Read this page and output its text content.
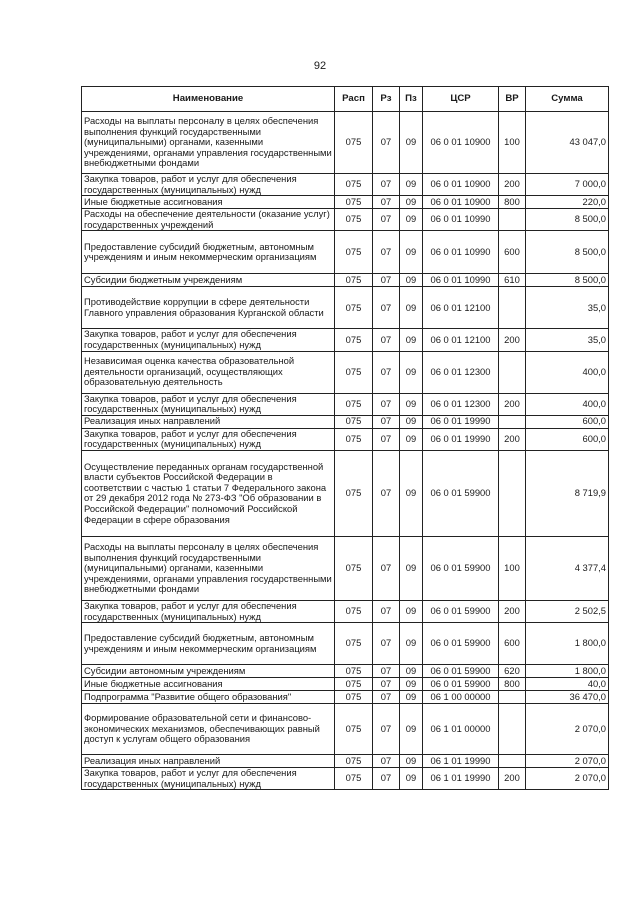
92
Наименование	Расп	Рз	Пз	ЦСР	ВР	Сумма
Расходы на выплаты персоналу в целях обеспечения выполнения функций государственными (муниципальными) органами, казенными учреждениями, органами управления государственными внебюджетными фондами	075	07	09	06 0 01 10900	100	43 047,0
Закупка товаров, работ и услуг для обеспечения государственных (муниципальных) нужд	075	07	09	06 0 01 10900	200	7 000,0
Иные бюджетные ассигнования	075	07	09	06 0 01 10900	800	220,0
Расходы на обеспечение деятельности (оказание услуг) государственных учреждений	075	07	09	06 0 01 10990		8 500,0
Предоставление субсидий бюджетным, автономным учреждениям и иным некоммерческим организациям	075	07	09	06 0 01 10990	600	8 500,0
Субсидии бюджетным учреждениям	075	07	09	06 0 01 10990	610	8 500,0
Противодействие коррупции в сфере деятельности Главного управления образования Курганской области	075	07	09	06 0 01 12100		35,0
Закупка товаров, работ и услуг для обеспечения государственных (муниципальных) нужд	075	07	09	06 0 01 12100	200	35,0
Независимая оценка качества образовательной деятельности организаций, осуществляющих образовательную деятельность	075	07	09	06 0 01 12300		400,0
Закупка товаров, работ и услуг для обеспечения государственных (муниципальных) нужд	075	07	09	06 0 01 12300	200	400,0
Реализация иных направлений	075	07	09	06 0 01 19990		600,0
Закупка товаров, работ и услуг для обеспечения государственных (муниципальных) нужд	075	07	09	06 0 01 19990	200	600,0
Осуществление переданных органам государственной власти субъектов Российской Федерации в соответствии с частью 1 статьи 7 Федерального закона от 29 декабря 2012 года № 273-ФЗ "Об образовании в Российской Федерации" полномочий Российской Федерации в сфере образования	075	07	09	06 0 01 59900		8 719,9
Расходы на выплаты персоналу в целях обеспечения выполнения функций государственными (муниципальными) органами, казенными учреждениями, органами управления государственными внебюджетными фондами	075	07	09	06 0 01 59900	100	4 377,4
Закупка товаров, работ и услуг для обеспечения государственных (муниципальных) нужд	075	07	09	06 0 01 59900	200	2 502,5
Предоставление субсидий бюджетным, автономным учреждениям и иным некоммерческим организациям	075	07	09	06 0 01 59900	600	1 800,0
Субсидии автономным учреждениям	075	07	09	06 0 01 59900	620	1 800,0
Иные бюджетные ассигнования	075	07	09	06 0 01 59900	800	40,0
Подпрограмма "Развитие общего образования"	075	07	09	06 1 00 00000		36 470,0
Формирование образовательной сети и финансово-экономических механизмов, обеспечивающих равный доступ к услугам общего образования	075	07	09	06 1 01 00000		2 070,0
Реализация иных направлений	075	07	09	06 1 01 19990		2 070,0
Закупка товаров, работ и услуг для обеспечения государственных (муниципальных) нужд	075	07	09	06 1 01 19990	200	2 070,0
